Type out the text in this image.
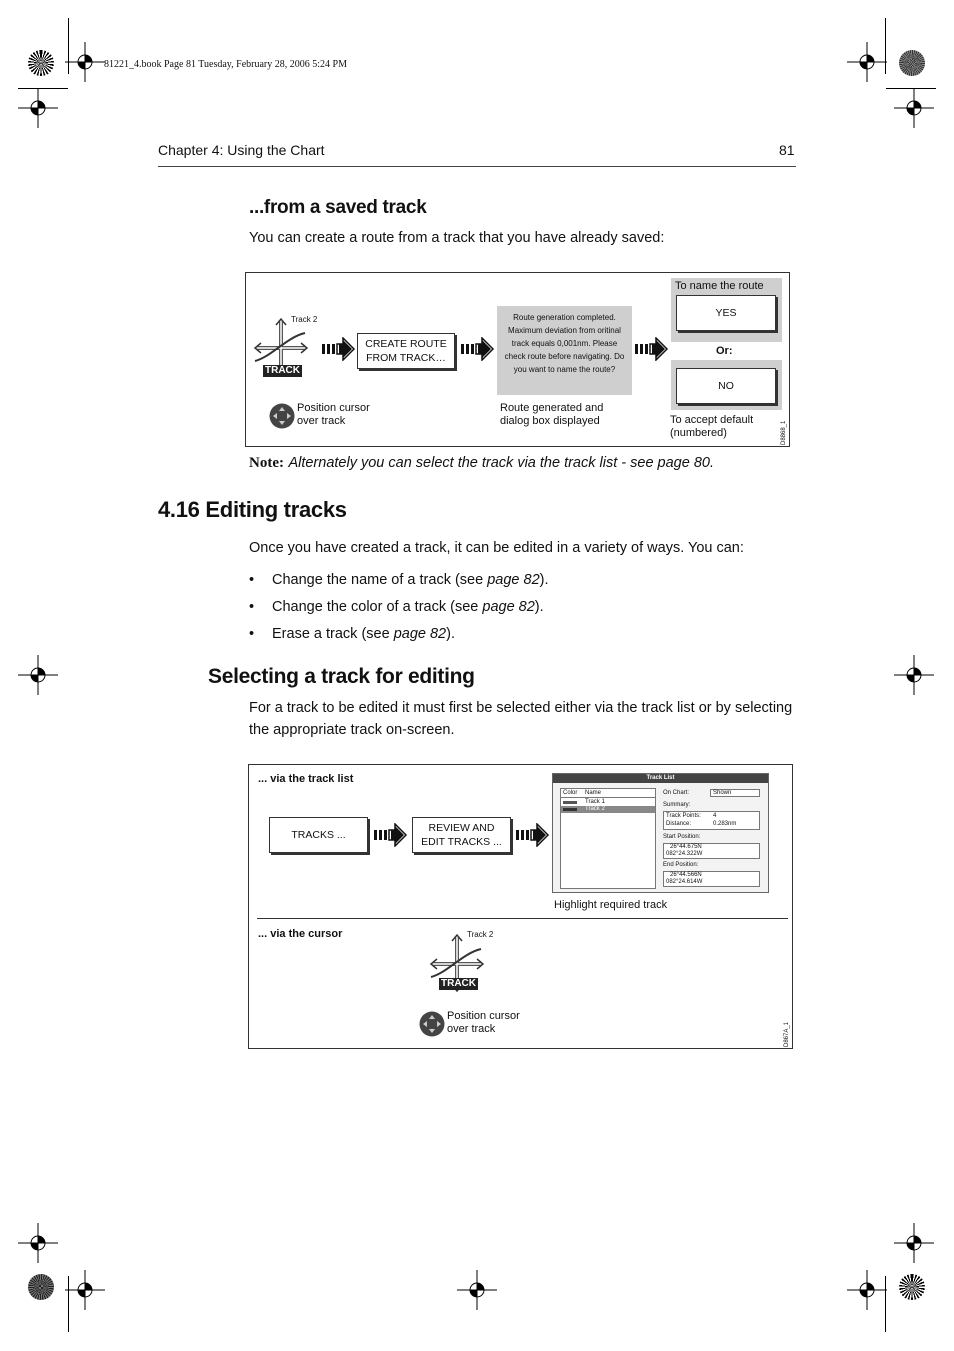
81221_4.book Page 81 Tuesday, February 28, 2006 5:24 PM
Chapter 4: Using the Chart	81
...from a saved track
You can create a route from a track that you have already saved:
Track 2
TRACK
CREATE ROUTE
FROM TRACK…
Route generation completed. Maximum deviation from oritinal track equals 0,001nm. Please check route before navigating. Do you want to name the route?
To name the route
YES
Or:
NO
Position cursor
over track
Route generated and
dialog box displayed	To accept default
(numbered)	D8868_1
Note: Alternately you can select the track via the track list - see page 80.
4.16 Editing tracks
Once you have created a track, it can be edited in a variety of ways. You can:
• Change the name of a track (see page 82).
• Change the color of a track (see page 82).
• Erase a track (see page 82).
Selecting a track for editing
For a track to be edited it must first be selected either via the track list or by selecting the appropriate track on-screen.
... via the track list
TRACKS ...
REVIEW AND
EDIT TRACKS ...
Track List
Color Name
Track 1
Track 2
On Chart:	Shown
Summary:
Track Points: 4
Distance:	0.283nm
Start Position:
26°44.675N
082°24.322W
End Position:
26°44.566N
082°24.614W
Highlight required track
... via the cursor	Track 2
TRACK
Position cursor
over track	D867A_1
